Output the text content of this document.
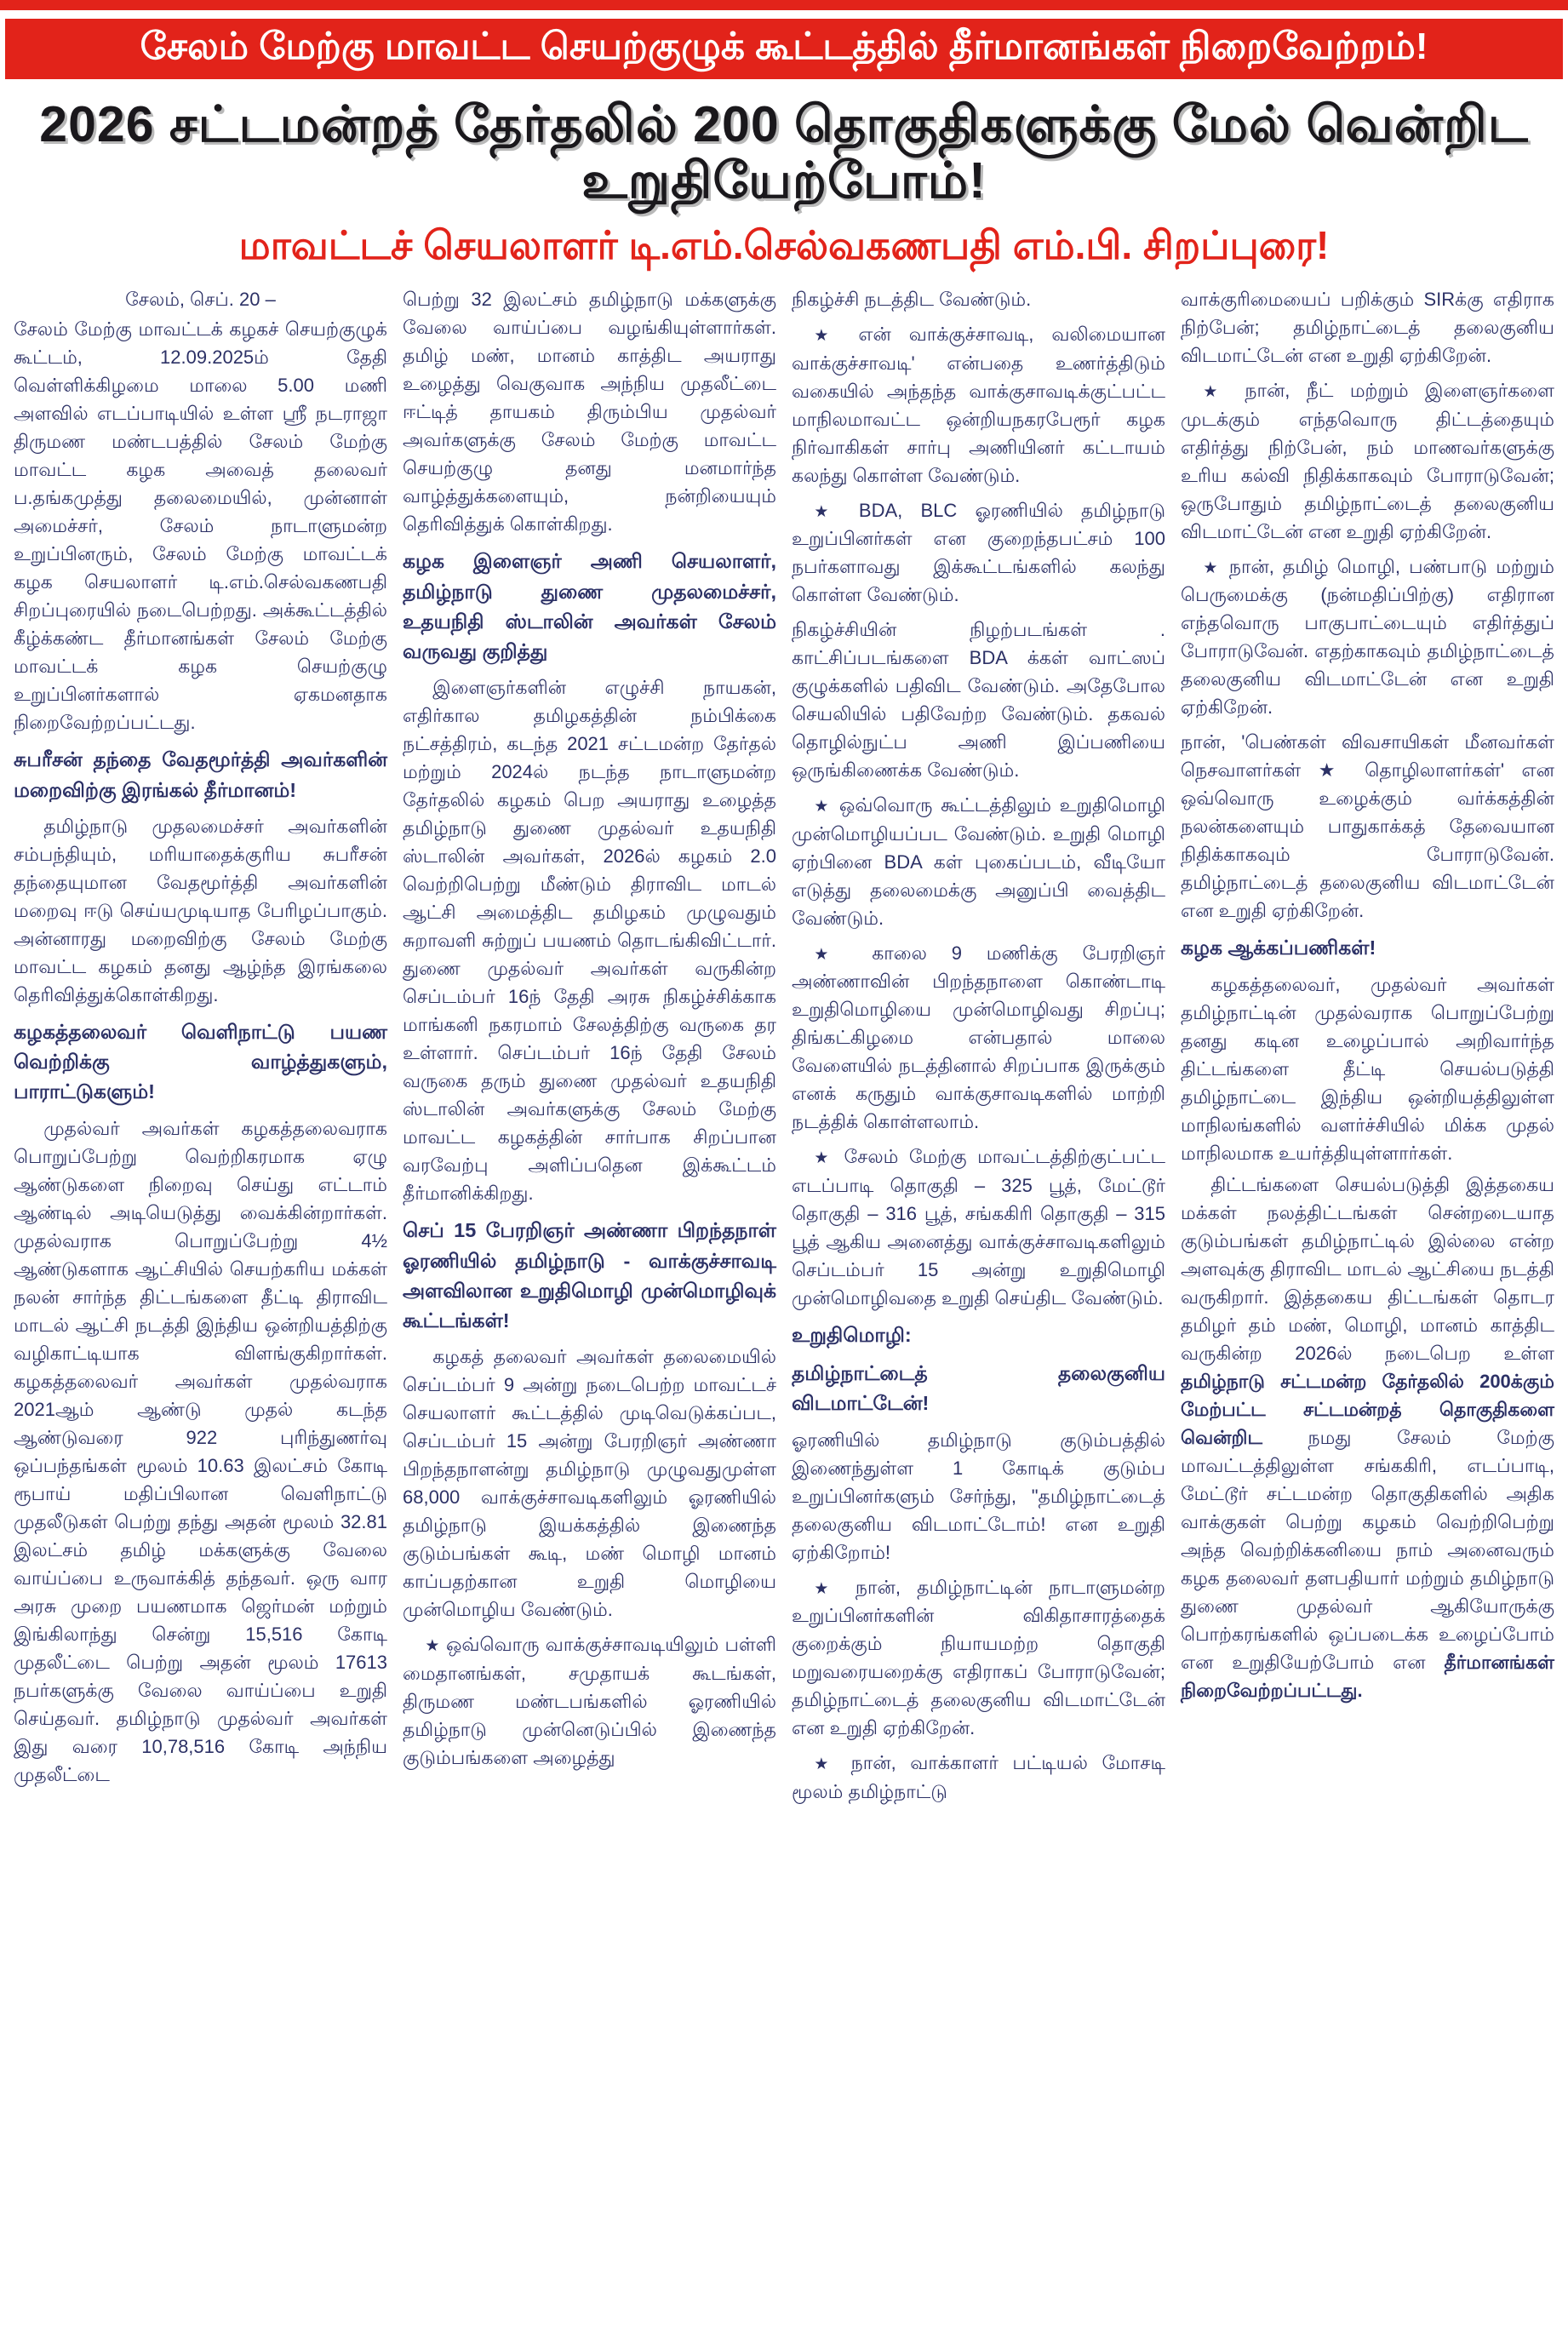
சேலம் மேற்கு மாவட்ட செயற்குழுக் கூட்டத்தில் தீர்மானங்கள் நிறைவேற்றம்!
2026 சட்டமன்றத் தேர்தலில் 200 தொகுதிகளுக்கு மேல் வென்றிட உறுதியேற்போம்!
மாவட்டச் செயலாளர் டி.எம்.செல்வகணபதி எம்.பி. சிறப்புரை!
சேலம், செப். 20 –
சேலம் மேற்கு மாவட்டக் கழகச் செயற்குழுக் கூட்டம், 12.09.2025ம் தேதி வெள்ளிக்கிழமை மாலை 5.00 மணி அளவில் எடப்பாடியில் உள்ள ஸ்ரீ நடராஜா திருமண மண்டபத்தில் சேலம் மேற்கு மாவட்ட கழக அவைத் தலைவர் ப.தங்கமுத்து தலைமையில், முன்னாள் அமைச்சர், சேலம் நாடாளுமன்ற உறுப்பினரும், சேலம் மேற்கு மாவட்டக் கழக செயலாளர் டி.எம்.செல்வகணபதி சிறப்புரையில் நடைபெற்றது. அக்கூட்டத்தில் கீழ்க்கண்ட தீர்மானங்கள் சேலம் மேற்கு மாவட்டக் கழக செயற்குழு உறுப்பினர்களால் ஏகமனதாக நிறைவேற்றப்பட்டது.
சுபரீசன் தந்தை வேதமூர்த்தி அவர்களின் மறைவிற்கு இரங்கல் தீர்மானம்!
தமிழ்நாடு முதலமைச்சர் அவர்களின் சம்பந்தியும், மரியாதைக்குரிய சுபரீசன் தந்தையுமான வேதமூர்த்தி அவர்களின் மறைவு ஈடு செய்யமுடியாத பேரிழப்பாகும். அன்னாரது மறைவிற்கு சேலம் மேற்கு மாவட்ட கழகம் தனது ஆழ்ந்த இரங்கலை தெரிவித்துக்கொள்கிறது.
கழகத்தலைவர் வெளிநாட்டு பயண வெற்றிக்கு வாழ்த்துகளும், பாராட்டுகளும்!
முதல்வர் அவர்கள் கழகத்தலைவராக பொறுப்பேற்று வெற்றிகரமாக ஏழு ஆண்டுகளை நிறைவு செய்து எட்டாம் ஆண்டில் அடியெடுத்து வைக்கின்றார்கள். முதல்வராக பொறுப்பேற்று 4½ ஆண்டுகளாக ஆட்சியில் செயற்கரிய மக்கள் நலன் சார்ந்த திட்டங்களை தீட்டி திராவிட மாடல் ஆட்சி நடத்தி இந்திய ஒன்றியத்திற்கு வழிகாட்டியாக விளங்குகிறார்கள். கழகத்தலைவர் அவர்கள் முதல்வராக 2021ஆம் ஆண்டு முதல் கடந்த ஆண்டுவரை 922 புரிந்துணர்வு ஒப்பந்தங்கள் மூலம் 10.63 இலட்சம் கோடி ரூபாய் மதிப்பிலான வெளிநாட்டு முதலீடுகள் பெற்று தந்து அதன் மூலம் 32.81 இலட்சம் தமிழ் மக்களுக்கு வேலை வாய்ப்பை உருவாக்கித் தந்தவர். ஒரு வார அரசு முறை பயணமாக ஜெர்மன் மற்றும் இங்கிலாந்து சென்று 15,516 கோடி முதலீட்டை பெற்று அதன் மூலம் 17613 நபர்களுக்கு வேலை வாய்ப்பை உறுதி செய்தவர். தமிழ்நாடு முதல்வர் அவர்கள் இது வரை 10,78,516 கோடி அந்நிய முதலீட்டை
பெற்று 32 இலட்சம் தமிழ்நாடு மக்களுக்கு வேலை வாய்ப்பை வழங்கியுள்ளார்கள். தமிழ் மண், மானம் காத்திட அயராது உழைத்து வெகுவாக அந்நிய முதலீட்டை ஈட்டித் தாயகம் திரும்பிய முதல்வர் அவர்களுக்கு சேலம் மேற்கு மாவட்ட செயற்குழு தனது மனமார்ந்த வாழ்த்துக்களையும், நன்றியையும் தெரிவித்துக் கொள்கிறது.
கழக இளைஞர் அணி செயலாளர், தமிழ்நாடு துணை முதலமைச்சர், உதயநிதி ஸ்டாலின் அவர்கள் சேலம் வருவது குறித்து
இளைஞர்களின் எழுச்சி நாயகன், எதிர்கால தமிழகத்தின் நம்பிக்கை நட்சத்திரம், கடந்த 2021 சட்டமன்ற தேர்தல் மற்றும் 2024ல் நடந்த நாடாளுமன்ற தேர்தலில் கழகம் பெற அயராது உழைத்த தமிழ்நாடு துணை முதல்வர் உதயநிதி ஸ்டாலின் அவர்கள், 2026ல் கழகம் 2.0 வெற்றிபெற்று மீண்டும் திராவிட மாடல் ஆட்சி அமைத்திட தமிழகம் முழுவதும் சுறாவளி சுற்றுப் பயணம் தொடங்கிவிட்டார். துணை முதல்வர் அவர்கள் வருகின்ற செப்டம்பர் 16ந் தேதி அரசு நிகழ்ச்சிக்காக மாங்கனி நகரமாம் சேலத்திற்கு வருகை தர உள்ளார். செப்டம்பர் 16ந் தேதி சேலம் வருகை தரும் துணை முதல்வர் உதயநிதி ஸ்டாலின் அவர்களுக்கு சேலம் மேற்கு மாவட்ட கழகத்தின் சார்பாக சிறப்பான வரவேற்பு அளிப்பதென இக்கூட்டம் தீர்மானிக்கிறது.
செப் 15 பேரறிஞர் அண்ணா பிறந்தநாள் ஓரணியில் தமிழ்நாடு - வாக்குச்சாவடி அளவிலான உறுதிமொழி முன்மொழிவுக் கூட்டங்கள்!
கழகத் தலைவர் அவர்கள் தலைமையில் செப்டம்பர் 9 அன்று நடைபெற்ற மாவட்டச் செயலாளர் கூட்டத்தில் முடிவெடுக்கப்பட, செப்டம்பர் 15 அன்று பேரறிஞர் அண்ணா பிறந்தநாளன்று தமிழ்நாடு முழுவதுமுள்ள 68,000 வாக்குச்சாவடிகளிலும் ஓரணியில் தமிழ்நாடு இயக்கத்தில் இணைந்த குடும்பங்கள் கூடி, மண் மொழி மானம் காப்பதற்கான உறுதி மொழியை முன்மொழிய வேண்டும்.
★ ஒவ்வொரு வாக்குச்சாவடியிலும் பள்ளி மைதானங்கள், சமுதாயக் கூடங்கள், திருமண மண்டபங்களில் ஓரணியில் தமிழ்நாடு முன்னெடுப்பில் இணைந்த குடும்பங்களை அழைத்து
நிகழ்ச்சி நடத்திட வேண்டும்.
★ என் வாக்குச்சாவடி, வலிமையான வாக்குச்சாவடி' என்பதை உணர்த்திடும் வகையில் அந்தந்த வாக்குசாவடிக்குட்பட்ட மாநிலமாவட்ட ஒன்றியநகரபேரூர் கழக நிர்வாகிகள் சார்பு அணியினர் கட்டாயம் கலந்து கொள்ள வேண்டும்.
★ BDA, BLC ஓரணியில் தமிழ்நாடு உறுப்பினர்கள் என குறைந்தபட்சம் 100 நபர்களாவது இக்கூட்டங்களில் கலந்து கொள்ள வேண்டும்.
நிகழ்ச்சியின் நிழற்படங்கள் . காட்சிப்படங்களை BDA க்கள் வாட்ஸப் குழுக்களில் பதிவிட வேண்டும். அதேபோல செயலியில் பதிவேற்ற வேண்டும். தகவல் தொழில்நுட்ப அணி இப்பணியை ஒருங்கிணைக்க வேண்டும்.
★ ஒவ்வொரு கூட்டத்திலும் உறுதிமொழி முன்மொழியப்பட வேண்டும். உறுதி மொழி ஏற்பினை BDA கள் புகைப்படம், வீடியோ எடுத்து தலைமைக்கு அனுப்பி வைத்திட வேண்டும்.
★ காலை 9 மணிக்கு பேரறிஞர் அண்ணாவின் பிறந்தநாளை கொண்டாடி உறுதிமொழியை முன்மொழிவது சிறப்பு; திங்கட்கிழமை என்பதால் மாலை வேளையில் நடத்தினால் சிறப்பாக இருக்கும் எனக் கருதும் வாக்குசாவடிகளில் மாற்றி நடத்திக் கொள்ளலாம்.
★ சேலம் மேற்கு மாவட்டத்திற்குட்பட்ட எடப்பாடி தொகுதி – 325 பூத், மேட்டூர் தொகுதி – 316 பூத், சங்ககிரி தொகுதி – 315 பூத் ஆகிய அனைத்து வாக்குச்சாவடிகளிலும் செப்டம்பர் 15 அன்று உறுதிமொழி முன்மொழிவதை உறுதி செய்திட வேண்டும்.
உறுதிமொழி:
தமிழ்நாட்டைத் தலைகுனிய விடமாட்டேன்!
ஓரணியில் தமிழ்நாடு குடும்பத்தில் இணைந்துள்ள 1 கோடிக் குடும்ப உறுப்பினர்களும் சேர்ந்து, "தமிழ்நாட்டைத் தலைகுனிய விடமாட்டோம்! என உறுதி ஏற்கிறோம்!
★ நான், தமிழ்நாட்டின் நாடாளுமன்ற உறுப்பினர்களின் விகிதாசாரத்தைக் குறைக்கும் நியாயமற்ற தொகுதி மறுவரையறைக்கு எதிராகப் போராடுவேன்; தமிழ்நாட்டைத் தலைகுனிய விடமாட்டேன் என உறுதி ஏற்கிறேன்.
★ நான், வாக்காளர் பட்டியல் மோசடி மூலம் தமிழ்நாட்டு
வாக்குரிமையைப் பறிக்கும் SIRக்கு எதிராக நிற்பேன்; தமிழ்நாட்டைத் தலைகுனிய விடமாட்டேன் என உறுதி ஏற்கிறேன்.
★ நான், நீட் மற்றும் இளைஞர்களை முடக்கும் எந்தவொரு திட்டத்தையும் எதிர்த்து நிற்பேன், நம் மாணவர்களுக்கு உரிய கல்வி நிதிக்காகவும் போராடுவேன்; ஒருபோதும் தமிழ்நாட்டைத் தலைகுனிய விடமாட்டேன் என உறுதி ஏற்கிறேன்.
★ நான், தமிழ் மொழி, பண்பாடு மற்றும் பெருமைக்கு (நன்மதிப்பிற்கு) எதிரான எந்தவொரு பாகுபாட்டையும் எதிர்த்துப் போராடுவேன். எதற்காகவும் தமிழ்நாட்டைத் தலைகுனிய விடமாட்டேன் என உறுதி ஏற்கிறேன்.
நான், 'பெண்கள் விவசாயிகள் மீனவர்கள் நெசவாளர்கள் ★ தொழிலாளர்கள்' என ஒவ்வொரு உழைக்கும் வர்க்கத்தின் நலன்களையும் பாதுகாக்கத் தேவையான நிதிக்காகவும் போராடுவேன். தமிழ்நாட்டைத் தலைகுனிய விடமாட்டேன் என உறுதி ஏற்கிறேன்.
கழக ஆக்கப்பணிகள்!
கழகத்தலைவர், முதல்வர் அவர்கள் தமிழ்நாட்டின் முதல்வராக பொறுப்பேற்று தனது கடின உழைப்பால் அறிவார்ந்த திட்டங்களை தீட்டி செயல்படுத்தி தமிழ்நாட்டை இந்திய ஒன்றியத்திலுள்ள மாநிலங்களில் வளர்ச்சியில் மிக்க முதல் மாநிலமாக உயர்த்தியுள்ளார்கள்.
திட்டங்களை செயல்படுத்தி இத்தகைய மக்கள் நலத்திட்டங்கள் சென்றடையாத குடும்பங்கள் தமிழ்நாட்டில் இல்லை என்ற அளவுக்கு திராவிட மாடல் ஆட்சியை நடத்தி வருகிறார். இத்தகைய திட்டங்கள் தொடர தமிழர் தம் மண், மொழி, மானம் காத்திட வருகின்ற 2026ல் நடைபெற உள்ள தமிழ்நாடு சட்டமன்ற தேர்தலில் 200க்கும் மேற்பட்ட சட்டமன்றத் தொகுதிகளை வென்றிட நமது சேலம் மேற்கு மாவட்டத்திலுள்ள சங்ககிரி, எடப்பாடி, மேட்டூர் சட்டமன்ற தொகுதிகளில் அதிக வாக்குகள் பெற்று கழகம் வெற்றிபெற்று அந்த வெற்றிக்கனியை நாம் அனைவரும் கழக தலைவர் தளபதியார் மற்றும் தமிழ்நாடு துணை முதல்வர் ஆகியோருக்கு பொற்கரங்களில் ஒப்படைக்க உழைப்போம் என உறுதியேற்போம் என தீர்மானங்கள் நிறைவேற்றப்பட்டது.
